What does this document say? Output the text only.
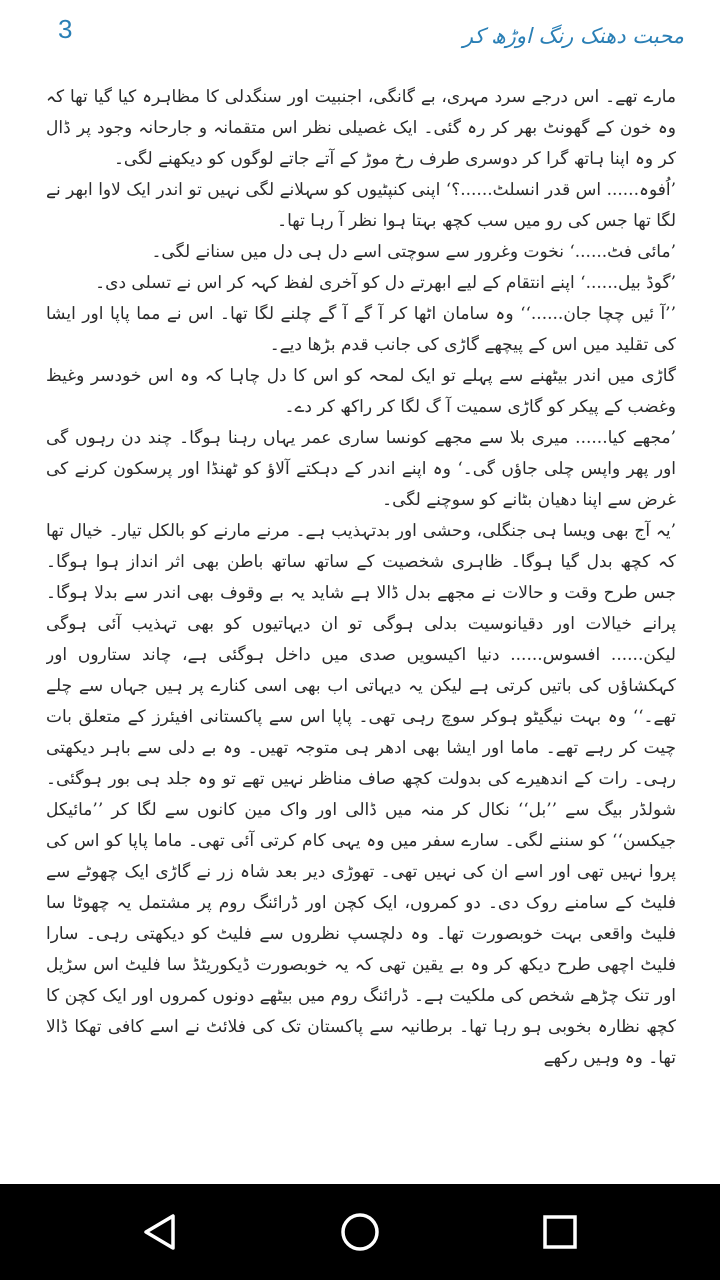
3	محبت دھنک رنگ اوڑھ کر

مارے تھے۔ اس درجے سرد مہری، بے گانگی، اجنبیت اور سنگدلی کا مظاہرہ کیا گیا تھا کہ وہ خون کے گھونٹ بھر کر رہ گئی۔ ایک غصیلی نظر اس متقمانہ و جارحانہ وجود پر ڈال کر وہ اپنا ہاتھ گرا کر دوسری طرف رخ موڑ کے آتے جاتے لوگوں کو دیکھنے لگی۔

’اُفوہ...... اس قدر انسلٹ......؟‘ اپنی کنپٹیوں کو سہلانے لگی نہیں تو اندر ایک لاوا ابھر نے لگا تھا جس کی رو میں سب کچھ بہتا ہوا نظر آ رہا تھا۔

’مائی فٹ......‘ نخوت وغرور سے سوچتی اسے دل ہی دل میں سنانے لگی۔

’گوڈ بیل......‘ اپنے انتقام کے لیے ابھرتے دل کو آخری لفظ کہہ کر اس نے تسلی دی۔

’’آ ئیں چچا جان......‘‘ وہ سامان اٹھا کر آ گے آ گے چلنے لگا تھا۔ اس نے مما پاپا اور ایشا کی تقلید میں اس کے پیچھے گاڑی کی جانب قدم بڑھا دیے۔

گاڑی میں اندر بیٹھنے سے پہلے تو ایک لمحہ کو اس کا دل چاہا کہ وہ اس خودسر وغیظ وغضب کے پیکر کو گاڑی سمیت آ گ لگا کر راکھ کر دے۔

’مجھے کیا...... میری بلا سے مجھے کونسا ساری عمر یہاں رہنا ہوگا۔ چند دن رہوں گی اور پھر واپس چلی جاؤں گی۔‘ وہ اپنے اندر کے دہکتے آلاؤ کو ٹھنڈا اور پرسکون کرنے کی غرض سے اپنا دھیان بٹانے کو سوچنے لگی۔

’یہ آج بھی ویسا ہی جنگلی، وحشی اور بدتہذیب ہے۔ مرنے مارنے کو بالکل تیار۔ خیال تھا کہ کچھ بدل گیا ہوگا۔ ظاہری شخصیت کے ساتھ ساتھ باطن بھی اثر انداز ہوا ہوگا۔ جس طرح وقت و حالات نے مجھے بدل ڈالا ہے شاید یہ بے وقوف بھی اندر سے بدلا ہوگا۔ پرانے خیالات اور دقیانوسیت بدلی ہوگی تو ان دیہاتیوں کو بھی تہذیب آئی ہوگی لیکن...... افسوس...... دنیا اکیسویں صدی میں داخل ہوگئی ہے، چاند ستاروں اور کہکشاؤں کی باتیں کرتی ہے لیکن یہ دیہاتی اب بھی اسی کنارے پر ہیں جہاں سے چلے تھے۔‘‘ وہ بہت نیگیٹو ہوکر سوچ رہی تھی۔ پاپا اس سے پاکستانی افیئرز کے متعلق بات چیت کر رہے تھے۔ ماما اور ایشا بھی ادھر ہی متوجہ تھیں۔ وہ بے دلی سے باہر دیکھتی رہی۔ رات کے اندھیرے کی بدولت کچھ صاف مناظر نہیں تھے تو وہ جلد ہی بور ہوگئی۔ شولڈر بیگ سے ’’بل‘‘ نکال کر منہ میں ڈالی اور واک مین کانوں سے لگا کر ’’مائیکل جیکسن‘‘ کو سننے لگی۔ سارے سفر میں وہ یہی کام کرتی آئی تھی۔ ماما پاپا کو اس کی پروا نہیں تھی اور اسے ان کی نہیں تھی۔ تھوڑی دیر بعد شاہ زر نے گاڑی ایک چھوٹے سے فلیٹ کے سامنے روک دی۔ دو کمروں، ایک کچن اور ڈرائنگ روم پر مشتمل یہ چھوٹا سا فلیٹ واقعی بہت خوبصورت تھا۔ وہ دلچسپ نظروں سے فلیٹ کو دیکھتی رہی۔ سارا فلیٹ اچھی طرح دیکھ کر وہ بے یقین تھی کہ یہ خوبصورت ڈیکوریٹڈ سا فلیٹ اس سڑیل اور تنک چڑھے شخص کی ملکیت ہے۔ ڈرائنگ روم میں بیٹھے دونوں کمروں اور ایک کچن کا کچھ نظارہ بخوبی ہو رہا تھا۔ برطانیہ سے پاکستان تک کی فلائٹ نے اسے کافی تھکا ڈالا تھا۔ وہ وہیں رکھے
